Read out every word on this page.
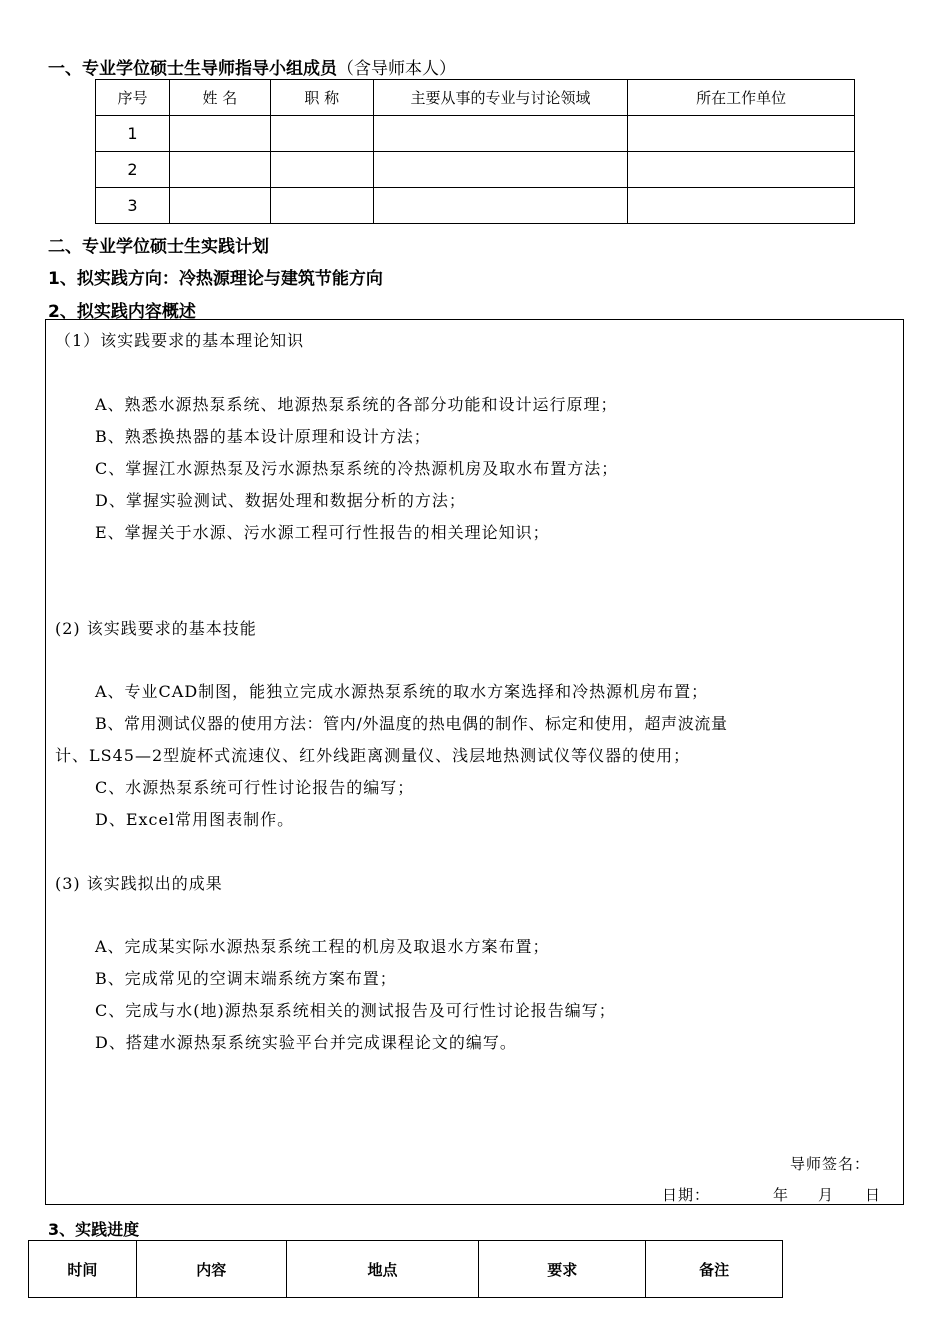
一、专业学位硕士生导师指导小组成员（含导师本人）
序号	姓 名	职 称	主要从事的专业与讨论领域	所在工作单位
1				
2				
3				
二、专业学位硕士生实践计划
1、拟实践方向：冷热源理论与建筑节能方向
2、拟实践内容概述
（1）该实践要求的基本理论知识
A、熟悉水源热泵系统、地源热泵系统的各部分功能和设计运行原理；
B、熟悉换热器的基本设计原理和设计方法；
C、掌握江水源热泵及污水源热泵系统的冷热源机房及取水布置方法；
D、掌握实验测试、数据处理和数据分析的方法；
E、掌握关于水源、污水源工程可行性报告的相关理论知识；
(2) 该实践要求的基本技能
A、专业CAD制图，能独立完成水源热泵系统的取水方案选择和冷热源机房布置；
B、常用测试仪器的使用方法：管内/外温度的热电偶的制作、标定和使用，超声波流量
计、LS45—2型旋杯式流速仪、红外线距离测量仪、浅层地热测试仪等仪器的使用；
C、水源热泵系统可行性讨论报告的编写；
D、Excel常用图表制作。
(3) 该实践拟出的成果
A、完成某实际水源热泵系统工程的机房及取退水方案布置；
B、完成常见的空调末端系统方案布置；
C、完成与水(地)源热泵系统相关的测试报告及可行性讨论报告编写；
D、搭建水源热泵系统实验平台并完成课程论文的编写。
导师签名：
日期：	年 月 日
3、实践进度
时间	内容	地点	要求	备注
